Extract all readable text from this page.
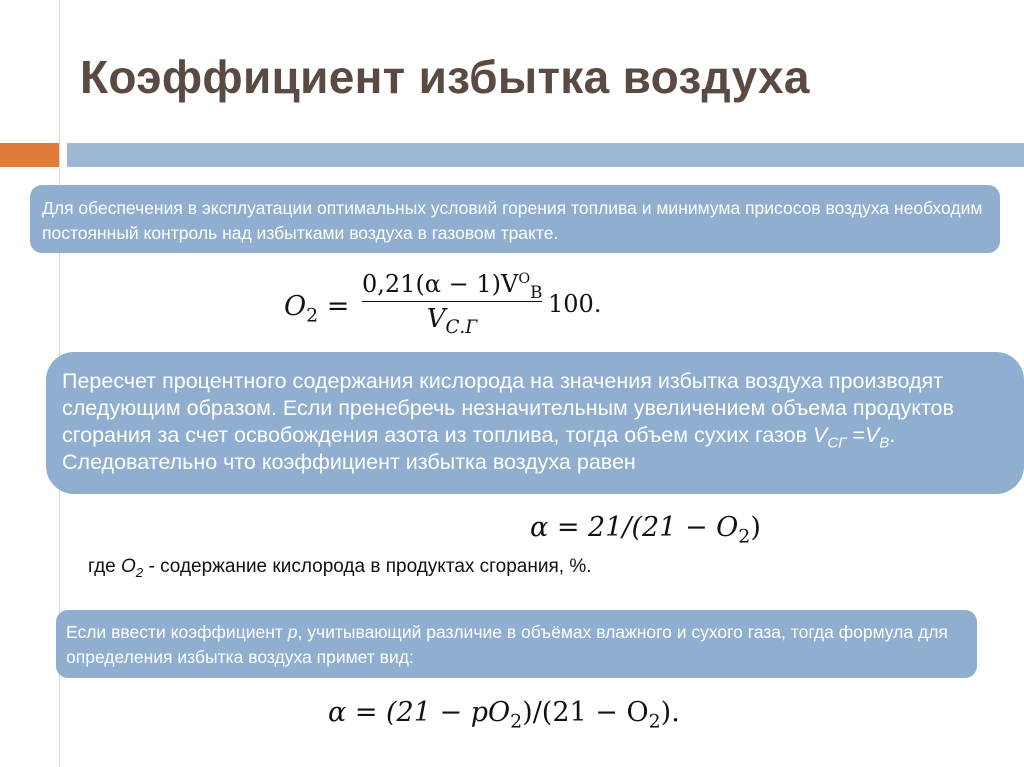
Коэффициент избытка воздуха

Для обеспечения в эксплуатации оптимальных условий горения топлива и минимума присосов воздуха необходим постоянный контроль над избытками воздуха в газовом тракте.

$O_2$ =
$0,21(\alpha - 1)V^О_В$
$V_{С.Г}$
100.

Пересчет процентного содержания кислорода на значения избытка воздуха производят следующим образом. Если пренебречь незначительным увеличением объема продуктов сгорания за счет освобождения азота из топлива, тогда объем сухих газов $V_{СГ} =V_В$. Следовательно что коэффициент избытка воздуха равен

$\alpha = 21/(21 - O_2)$

где $О_2$ - содержание кислорода в продуктах сгорания, %.

Если ввести коэффициент р, учитывающий различие в объёмах влажного и сухого газа, тогда формула для определения избытка воздуха примет вид:

$\alpha = (21 - pO_2)/(21 - O_2)$.
